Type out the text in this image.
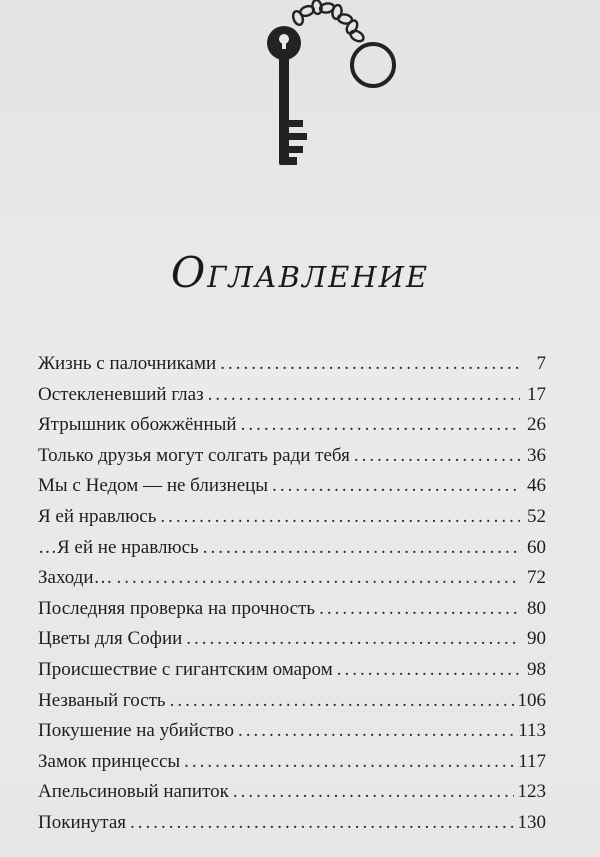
Оглавление
Жизнь с палочниками .....	7
Остекленевший глаз .....	17
Ятрышник обожжённый .....	26
Только друзья могут солгать ради тебя .....	36
Мы с Недом — не близнецы .....	46
Я ей нравлюсь .....	52
…Я ей не нравлюсь .....	60
Заходи… .....	72
Последняя проверка на прочность .....	80
Цветы для Софии .....	90
Происшествие с гигантским омаром .....	98
Незваный гость .....	106
Покушение на убийство .....	113
Замок принцессы .....	117
Апельсиновый напиток .....	123
Покинутая .....	130
